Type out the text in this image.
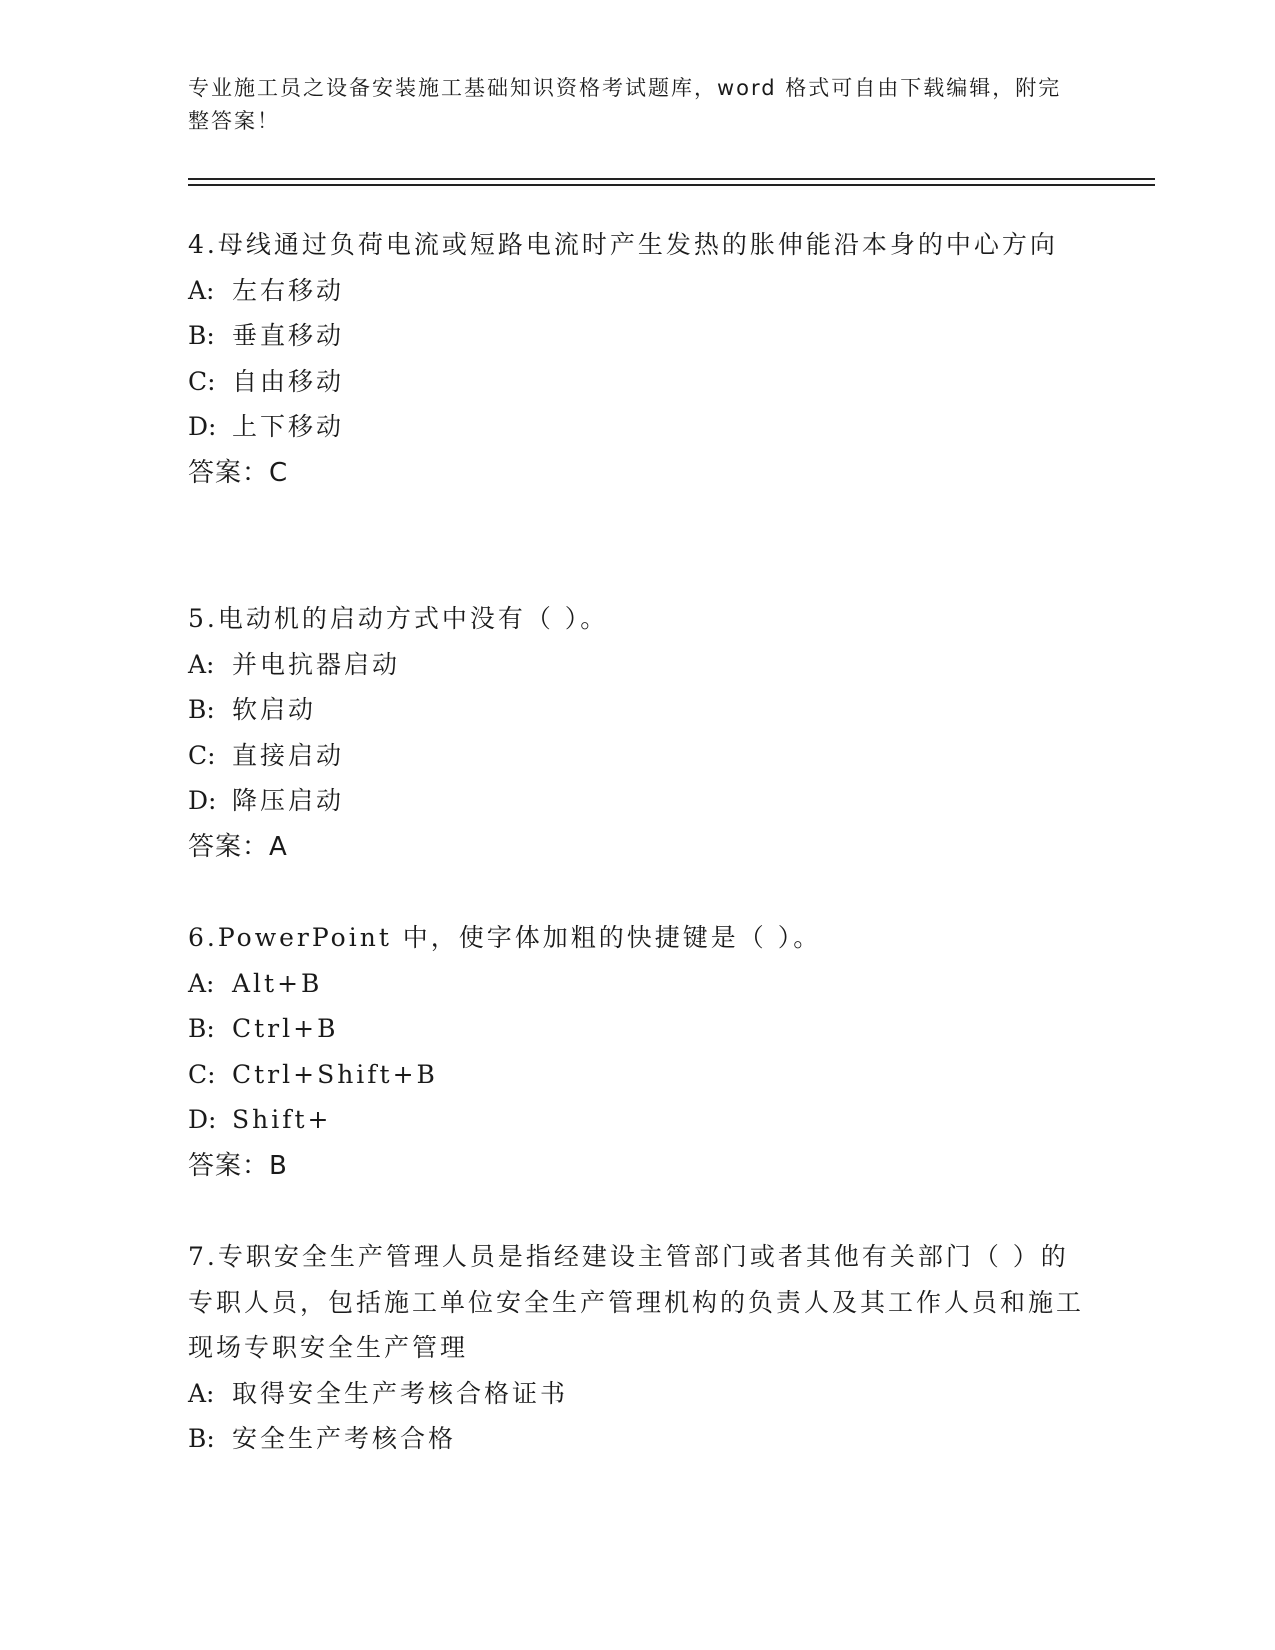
专业施工员之设备安装施工基础知识资格考试题库，word 格式可自由下载编辑，附完整答案！

4.母线通过负荷电流或短路电流时产生发热的胀伸能沿本身的中心方向

A: 左右移动

B: 垂直移动

C: 自由移动

D: 上下移动

答案：C

5.电动机的启动方式中没有（ ）。

A: 并电抗器启动

B: 软启动

C: 直接启动

D: 降压启动

答案：A

6.PowerPoint 中，使字体加粗的快捷键是（ ）。

A: Alt+B

B: Ctrl+B

C: Ctrl+Shift+B

D: Shift+

答案：B

7.专职安全生产管理人员是指经建设主管部门或者其他有关部门（ ）的专职人员，包括施工单位安全生产管理机构的负责人及其工作人员和施工现场专职安全生产管理

A: 取得安全生产考核合格证书

B: 安全生产考核合格
